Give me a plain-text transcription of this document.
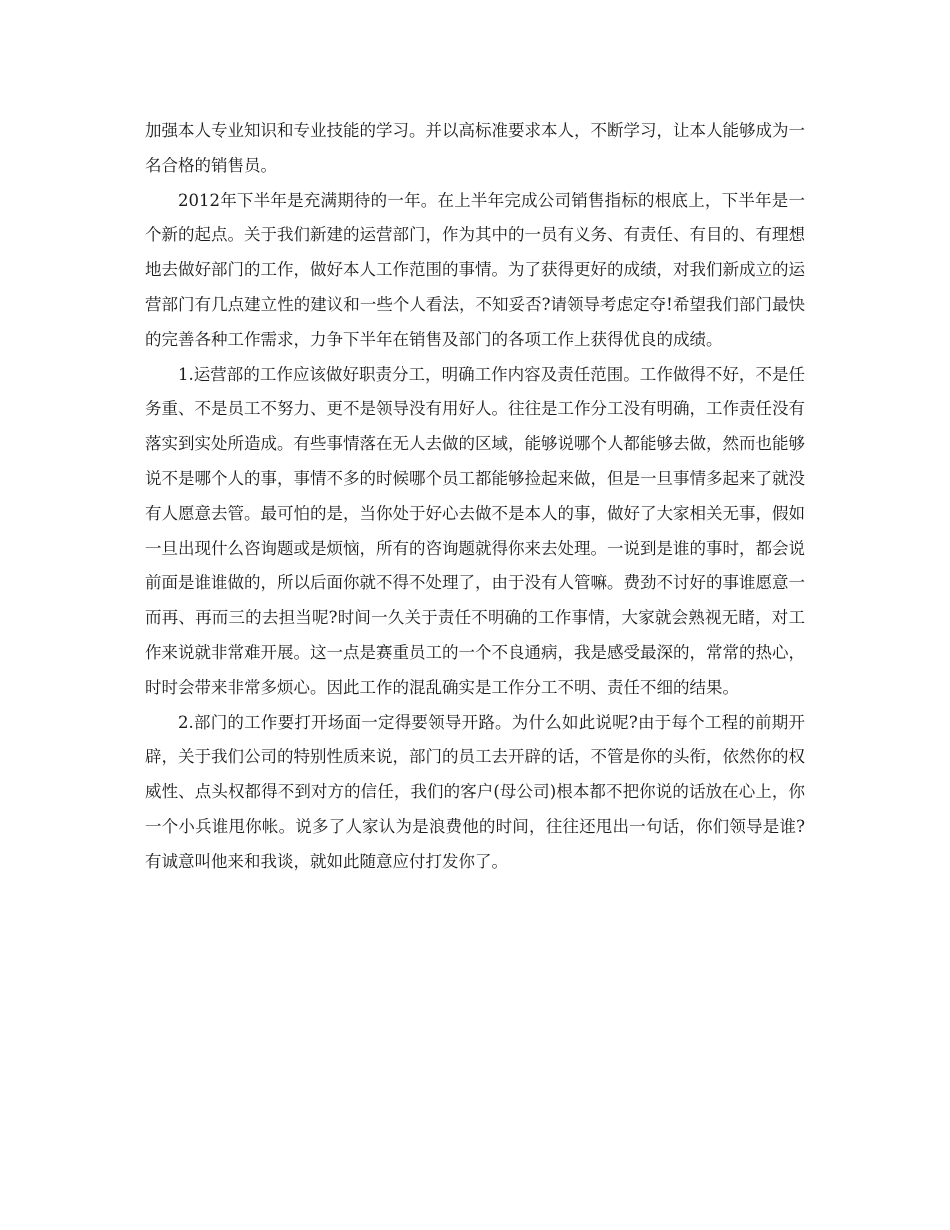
加强本人专业知识和专业技能的学习。并以高标准要求本人，不断学习，让本人能够成为一名合格的销售员。

2012年下半年是充满期待的一年。在上半年完成公司销售指标的根底上，下半年是一个新的起点。关于我们新建的运营部门，作为其中的一员有义务、有责任、有目的、有理想地去做好部门的工作，做好本人工作范围的事情。为了获得更好的成绩，对我们新成立的运营部门有几点建立性的建议和一些个人看法，不知妥否?请领导考虑定夺!希望我们部门最快的完善各种工作需求，力争下半年在销售及部门的各项工作上获得优良的成绩。

1.运营部的工作应该做好职责分工，明确工作内容及责任范围。工作做得不好，不是任务重、不是员工不努力、更不是领导没有用好人。往往是工作分工没有明确，工作责任没有落实到实处所造成。有些事情落在无人去做的区域，能够说哪个人都能够去做，然而也能够说不是哪个人的事，事情不多的时候哪个员工都能够捡起来做，但是一旦事情多起来了就没有人愿意去管。最可怕的是，当你处于好心去做不是本人的事，做好了大家相关无事，假如一旦出现什么咨询题或是烦恼，所有的咨询题就得你来去处理。一说到是谁的事时，都会说前面是谁谁做的，所以后面你就不得不处理了，由于没有人管嘛。费劲不讨好的事谁愿意一而再、再而三的去担当呢?时间一久关于责任不明确的工作事情，大家就会熟视无睹，对工作来说就非常难开展。这一点是赛重员工的一个不良通病，我是感受最深的，常常的热心，时时会带来非常多烦心。因此工作的混乱确实是工作分工不明、责任不细的结果。

2.部门的工作要打开场面一定得要领导开路。为什么如此说呢?由于每个工程的前期开辟，关于我们公司的特别性质来说，部门的员工去开辟的话，不管是你的头衔，依然你的权威性、点头权都得不到对方的信任，我们的客户(母公司)根本都不把你说的话放在心上，你一个小兵谁甩你帐。说多了人家认为是浪费他的时间，往往还甩出一句话，你们领导是谁?有诚意叫他来和我谈，就如此随意应付打发你了。
